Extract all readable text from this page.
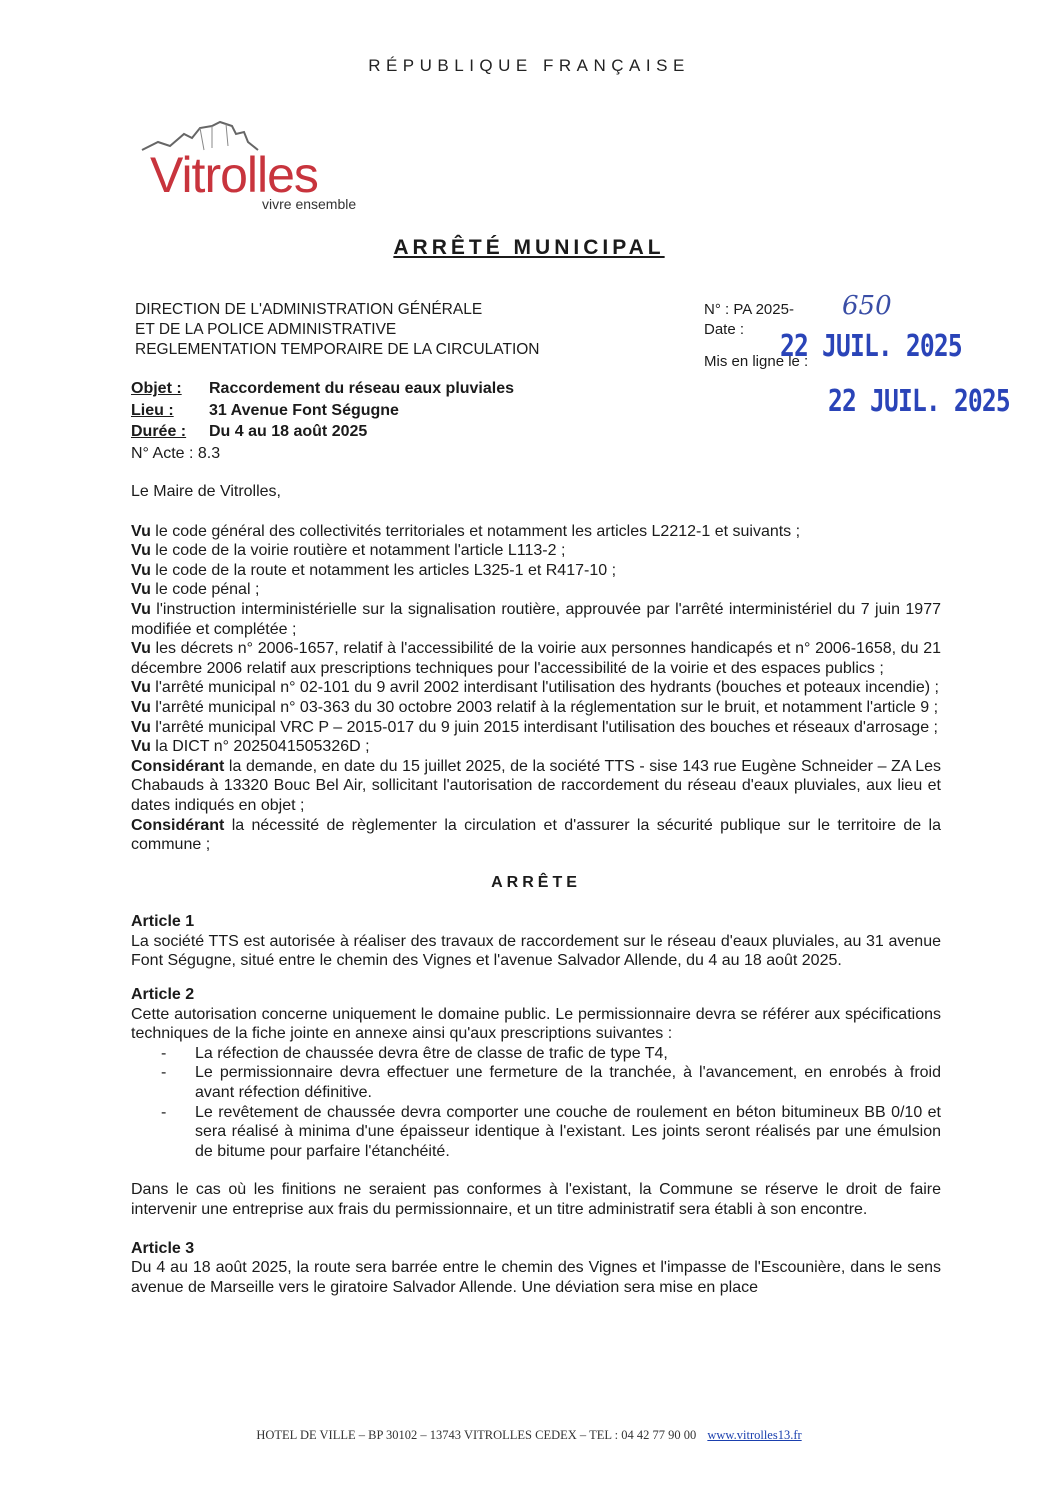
RÉPUBLIQUE FRANÇAISE
Vitrolles
vivre ensemble
ARRÊTÉ MUNICIPAL
DIRECTION DE L'ADMINISTRATION GÉNÉRALE
ET DE LA POLICE ADMINISTRATIVE
REGLEMENTATION TEMPORAIRE DE LA CIRCULATION
N° : PA 2025-
Date :
Mis en ligne le :
650
22 JUIL. 2025
22 JUIL. 2025
Objet : Raccordement du réseau eaux pluviales
Lieu : 31 Avenue Font Ségugne
Durée : Du 4 au 18 août 2025
N° Acte : 8.3

Le Maire de Vitrolles,

Vu le code général des collectivités territoriales et notamment les articles L2212-1 et suivants ;

Vu le code de la voirie routière et notamment l'article L113-2 ;

Vu le code de la route et notamment les articles L325-1 et R417-10 ;

Vu le code pénal ;

Vu l'instruction interministérielle sur la signalisation routière, approuvée par l'arrêté interministériel du 7 juin 1977 modifiée et complétée ;

Vu les décrets n° 2006-1657, relatif à l'accessibilité de la voirie aux personnes handicapés et n° 2006-1658, du 21 décembre 2006 relatif aux prescriptions techniques pour l'accessibilité de la voirie et des espaces publics ;

Vu l'arrêté municipal n° 02-101 du 9 avril 2002 interdisant l'utilisation des hydrants (bouches et poteaux incendie) ;

Vu l'arrêté municipal n° 03-363 du 30 octobre 2003 relatif à la réglementation sur le bruit, et notamment l'article 9 ;

Vu l'arrêté municipal VRC P – 2015-017 du 9 juin 2015 interdisant l'utilisation des bouches et réseaux d'arrosage ;

Vu la DICT n° 2025041505326D ;

Considérant la demande, en date du 15 juillet 2025, de la société TTS - sise 143 rue Eugène Schneider – ZA Les Chabauds à 13320 Bouc Bel Air, sollicitant l'autorisation de raccordement du réseau d'eaux pluviales, aux lieu et dates indiqués en objet ;

Considérant la nécessité de règlementer la circulation et d'assurer la sécurité publique sur le territoire de la commune ;

ARRÊTE

Article 1

La société TTS est autorisée à réaliser des travaux de raccordement sur le réseau d'eaux pluviales, au 31 avenue Font Ségugne, situé entre le chemin des Vignes et l'avenue Salvador Allende, du 4 au 18 août 2025.

Article 2

Cette autorisation concerne uniquement le domaine public. Le permissionnaire devra se référer aux spécifications techniques de la fiche jointe en annexe ainsi qu'aux prescriptions suivantes :

- La réfection de chaussée devra être de classe de trafic de type T4,
- Le permissionnaire devra effectuer une fermeture de la tranchée, à l'avancement, en enrobés à froid avant réfection définitive.
- Le revêtement de chaussée devra comporter une couche de roulement en béton bitumineux BB 0/10 et sera réalisé à minima d'une épaisseur identique à l'existant. Les joints seront réalisés par une émulsion de bitume pour parfaire l'étanchéité.

Dans le cas où les finitions ne seraient pas conformes à l'existant, la Commune se réserve le droit de faire intervenir une entreprise aux frais du permissionnaire, et un titre administratif sera établi à son encontre.

Article 3

Du 4 au 18 août 2025, la route sera barrée entre le chemin des Vignes et l'impasse de l'Escounière, dans le sens avenue de Marseille vers le giratoire Salvador Allende. Une déviation sera mise en place

HOTEL DE VILLE – BP 30102 – 13743 VITROLLES CEDEX – TEL : 04 42 77 90 00 www.vitrolles13.fr
